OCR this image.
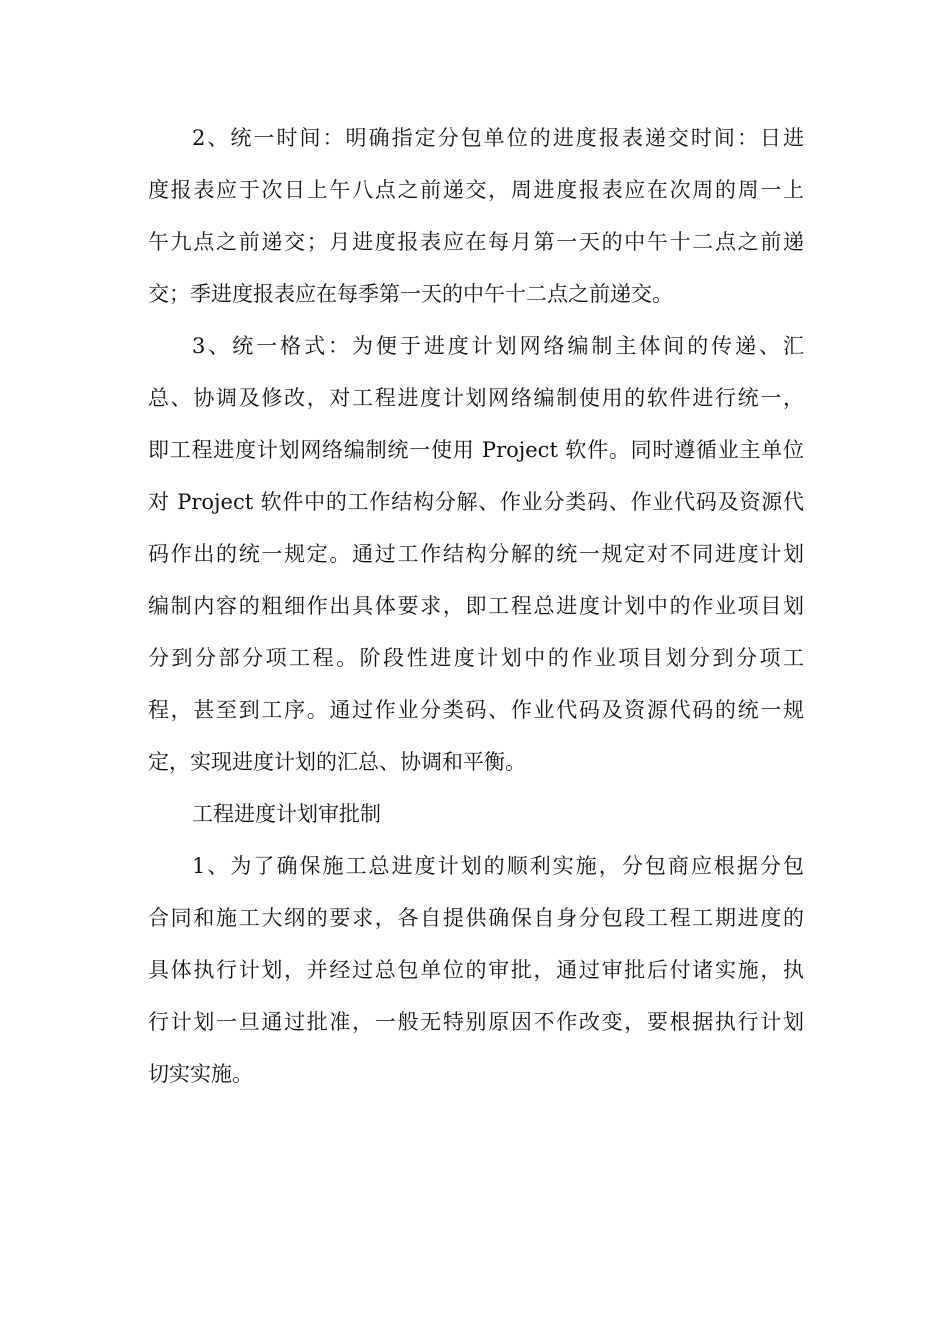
2、统一时间：明确指定分包单位的进度报表递交时间：日进
度报表应于次日上午八点之前递交，周进度报表应在次周的周一上
午九点之前递交；月进度报表应在每月第一天的中午十二点之前递
交；季进度报表应在每季第一天的中午十二点之前递交。
3、统一格式：为便于进度计划网络编制主体间的传递、汇
总、协调及修改，对工程进度计划网络编制使用的软件进行统一，
即工程进度计划网络编制统一使用 Project 软件。同时遵循业主单位
对 Project 软件中的工作结构分解、作业分类码、作业代码及资源代
码作出的统一规定。通过工作结构分解的统一规定对不同进度计划
编制内容的粗细作出具体要求，即工程总进度计划中的作业项目划
分到分部分项工程。阶段性进度计划中的作业项目划分到分项工
程，甚至到工序。通过作业分类码、作业代码及资源代码的统一规
定，实现进度计划的汇总、协调和平衡。
工程进度计划审批制
1、为了确保施工总进度计划的顺利实施，分包商应根据分包
合同和施工大纲的要求，各自提供确保自身分包段工程工期进度的
具体执行计划，并经过总包单位的审批，通过审批后付诸实施，执
行计划一旦通过批准，一般无特别原因不作改变，要根据执行计划
切实实施。
